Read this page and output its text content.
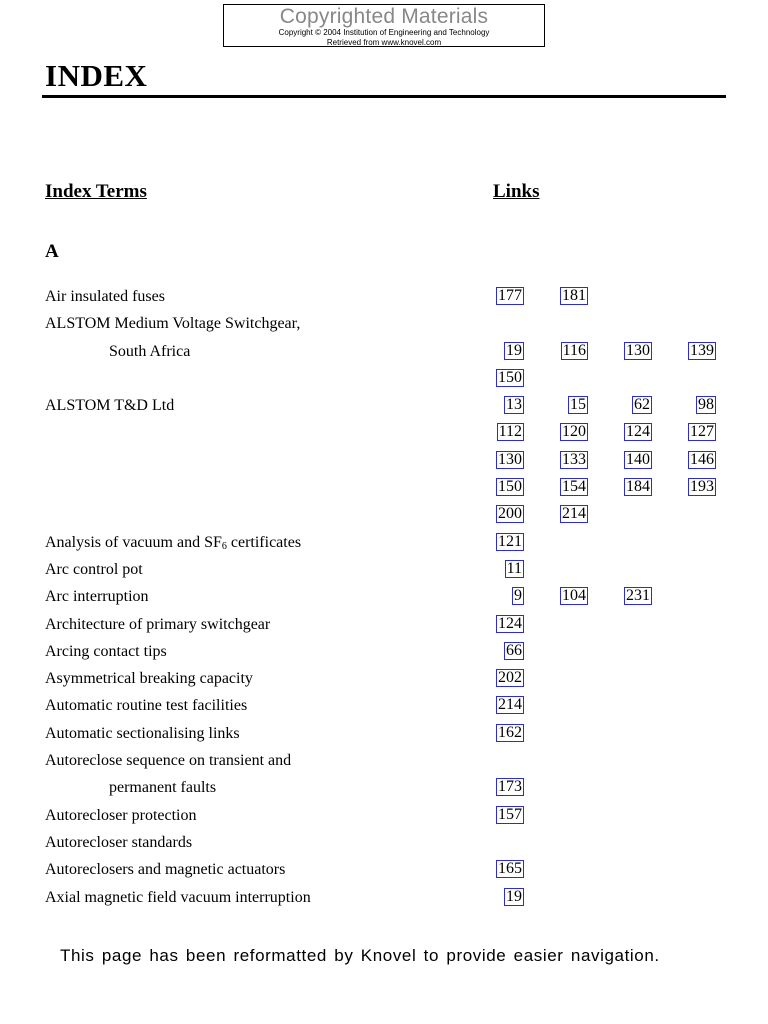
Copyrighted Materials
Copyright © 2004 Institution of Engineering and Technology
Retrieved from www.knovel.com
INDEX
Index Terms	Links
A
Air insulated fuses	177	181
ALSTOM Medium Voltage Switchgear,
South Africa	19	116	130	139
150
ALSTOM T&D Ltd	13	15	62	98
112	120	124	127
130	133	140	146
150	154	184	193
200	214
Analysis of vacuum and $SF_6$ certificates	121
Arc control pot	11
Arc interruption	9	104	231
Architecture of primary switchgear	124
Arcing contact tips	66
Asymmetrical breaking capacity	202
Automatic routine test facilities	214
Automatic sectionalising links	162
Autoreclose sequence on transient and
permanent faults	173
Autorecloser protection	157
Autorecloser standards
Autoreclosers and magnetic actuators	165
Axial magnetic field vacuum interruption	19
This page has been reformatted by Knovel to provide easier navigation.
